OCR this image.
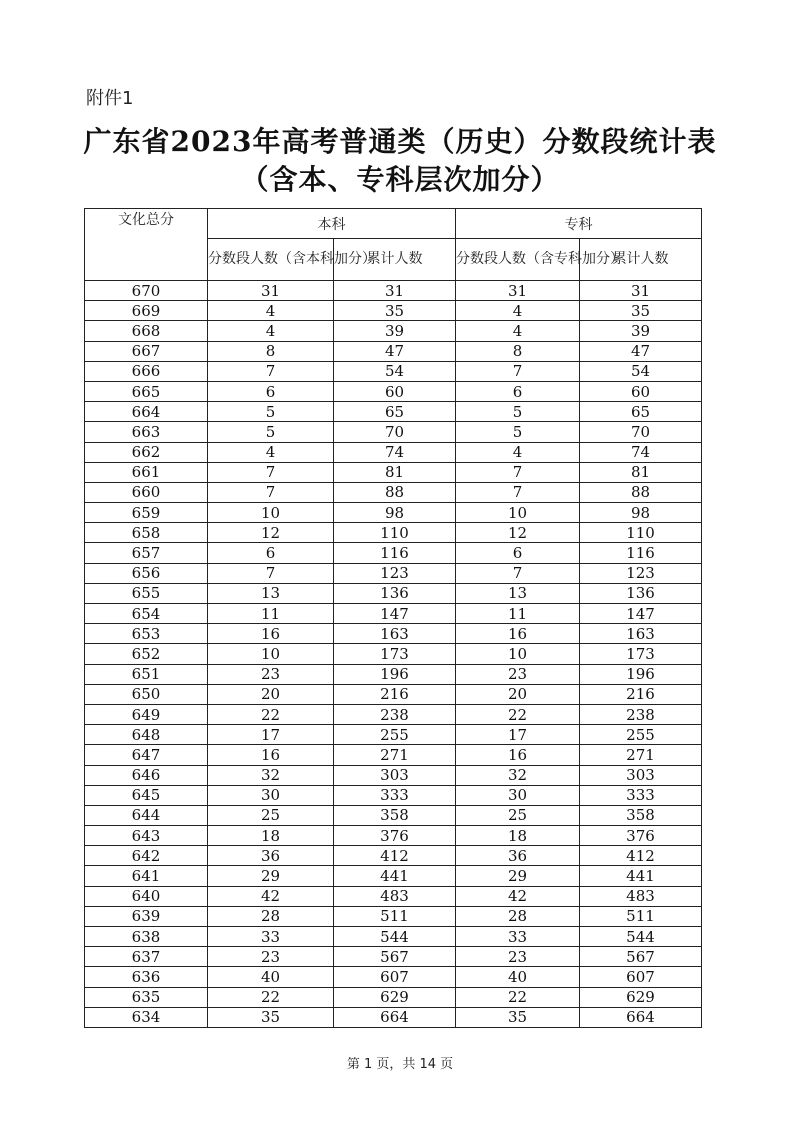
附件1
广东省2023年高考普通类（历史）分数段统计表
（含本、专科层次加分）
文化总分	本科		专科	
	分数段人数（含本科加分）	累计人数	分数段人数（含专科加分）	累计人数
670	31	31	31	31
669	4	35	4	35
668	4	39	4	39
667	8	47	8	47
666	7	54	7	54
665	6	60	6	60
664	5	65	5	65
663	5	70	5	70
662	4	74	4	74
661	7	81	7	81
660	7	88	7	88
659	10	98	10	98
658	12	110	12	110
657	6	116	6	116
656	7	123	7	123
655	13	136	13	136
654	11	147	11	147
653	16	163	16	163
652	10	173	10	173
651	23	196	23	196
650	20	216	20	216
649	22	238	22	238
648	17	255	17	255
647	16	271	16	271
646	32	303	32	303
645	30	333	30	333
644	25	358	25	358
643	18	376	18	376
642	36	412	36	412
641	29	441	29	441
640	42	483	42	483
639	28	511	28	511
638	33	544	33	544
637	23	567	23	567
636	40	607	40	607
635	22	629	22	629
634	35	664	35	664
第 1 页，共 14 页
